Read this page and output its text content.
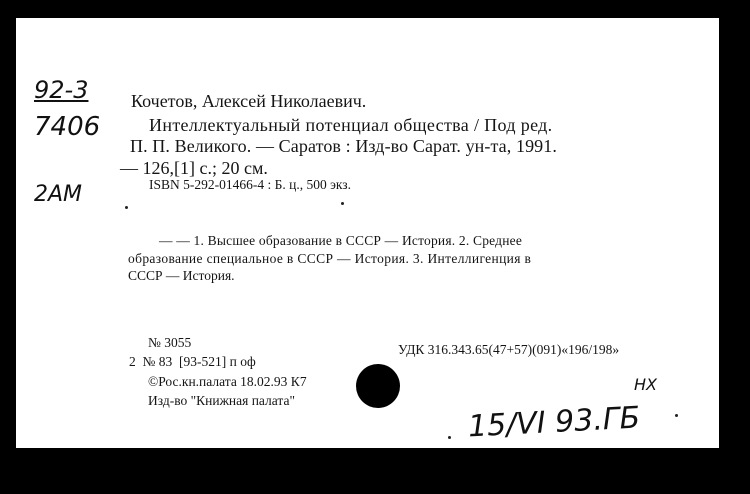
92-3
7406
2АМ
Кочетов, Алексей Николаевич.
Интеллектуальный потенциал общества / Под ред.
П. П. Великого. — Саратов : Изд-во Сарат. ун-та, 1991.
— 126,[1] с.; 20 см.
ISBN 5-292-01466-4 : Б. ц., 500 экз.
— — 1. Высшее образование в СССР — История. 2. Среднее
образование специальное в СССР — История. 3. Интеллигенция в
СССР — История.
№ 3055
2  № 83  [93-521] п оф
УДК 316.343.65(47+57)(091)«196/198»
©Рос.кн.палата 18.02.93 К7
Изд-во "Книжная палата"
НХ
15/VI 93.ГБ
